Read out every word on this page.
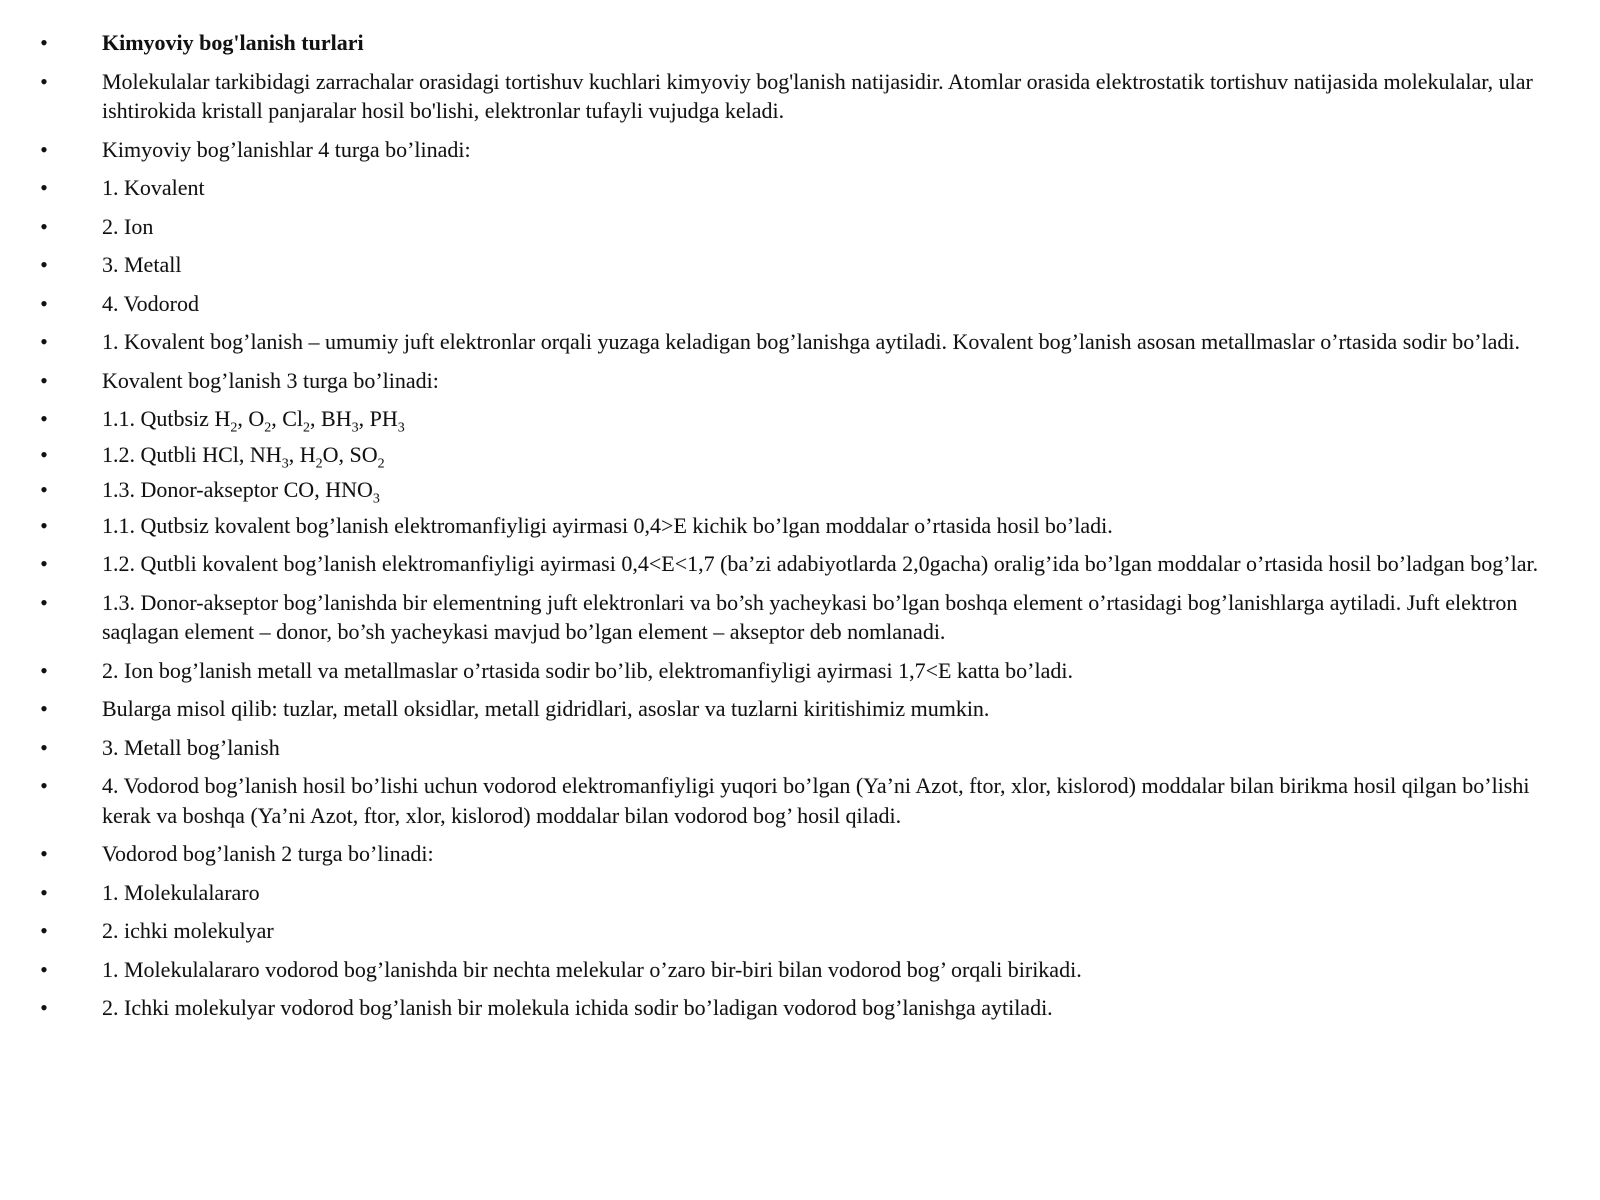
• Kimyoviy bog'lanish turlari
• Molekulalar tarkibidagi zarrachalar orasidagi tortishuv kuchlari kimyoviy bog'lanish natijasidir. Atomlar orasida elektrostatik tortishuv natijasida molekulalar, ular ishtirokida kristall panjaralar hosil bo'lishi, elektronlar tufayli vujudga keladi.
• Kimyoviy bog’lanishlar 4 turga bo’linadi:
• 1. Kovalent
• 2. Ion
• 3. Metall
• 4. Vodorod
• 1. Kovalent bog’lanish – umumiy juft elektronlar orqali yuzaga keladigan bog’lanishga aytiladi. Kovalent bog’lanish asosan metallmaslar o’rtasida sodir bo’ladi.
• Kovalent bog’lanish 3 turga bo’linadi:
• 1.1. Qutbsiz $H_2$, $O_2$, $Cl_2$, $BH_3$, $PH_3$
• 1.2. Qutbli HCl, $NH_3$, $H_2O$, $SO_2$
• 1.3. Donor-akseptor CO, $HNO_3$
• 1.1. Qutbsiz kovalent bog’lanish elektromanfiyligi ayirmasi 0,4>E kichik bo’lgan moddalar o’rtasida hosil bo’ladi.
• 1.2. Qutbli kovalent bog’lanish elektromanfiyligi ayirmasi 0,4<E<1,7 (ba’zi adabiyotlarda 2,0gacha) oralig’ida bo’lgan moddalar o’rtasida hosil bo’ladgan bog’lar.
• 1.3. Donor-akseptor bog’lanishda bir elementning juft elektronlari va bo’sh yacheykasi bo’lgan boshqa element o’rtasidagi bog’lanishlarga aytiladi. Juft elektron saqlagan element – donor, bo’sh yacheykasi mavjud bo’lgan element – akseptor deb nomlanadi.
• 2. Ion bog’lanish metall va metallmaslar o’rtasida sodir bo’lib, elektromanfiyligi ayirmasi 1,7<E katta bo’ladi.
• Bularga misol qilib: tuzlar, metall oksidlar, metall gidridlari, asoslar va tuzlarni kiritishimiz mumkin.
• 3. Metall bog’lanish
• 4. Vodorod bog’lanish hosil bo’lishi uchun vodorod elektromanfiyligi yuqori bo’lgan (Ya’ni Azot, ftor, xlor, kislorod) moddalar bilan birikma hosil qilgan bo’lishi kerak va boshqa (Ya’ni Azot, ftor, xlor, kislorod) moddalar bilan vodorod bog’ hosil qiladi.
• Vodorod bog’lanish 2 turga bo’linadi:
• 1. Molekulalararo
• 2. ichki molekulyar
• 1. Molekulalararo vodorod bog’lanishda bir nechta melekular o’zaro bir-biri bilan vodorod bog’ orqali birikadi.
• 2. Ichki molekulyar vodorod bog’lanish bir molekula ichida sodir bo’ladigan vodorod bog’lanishga aytiladi.
